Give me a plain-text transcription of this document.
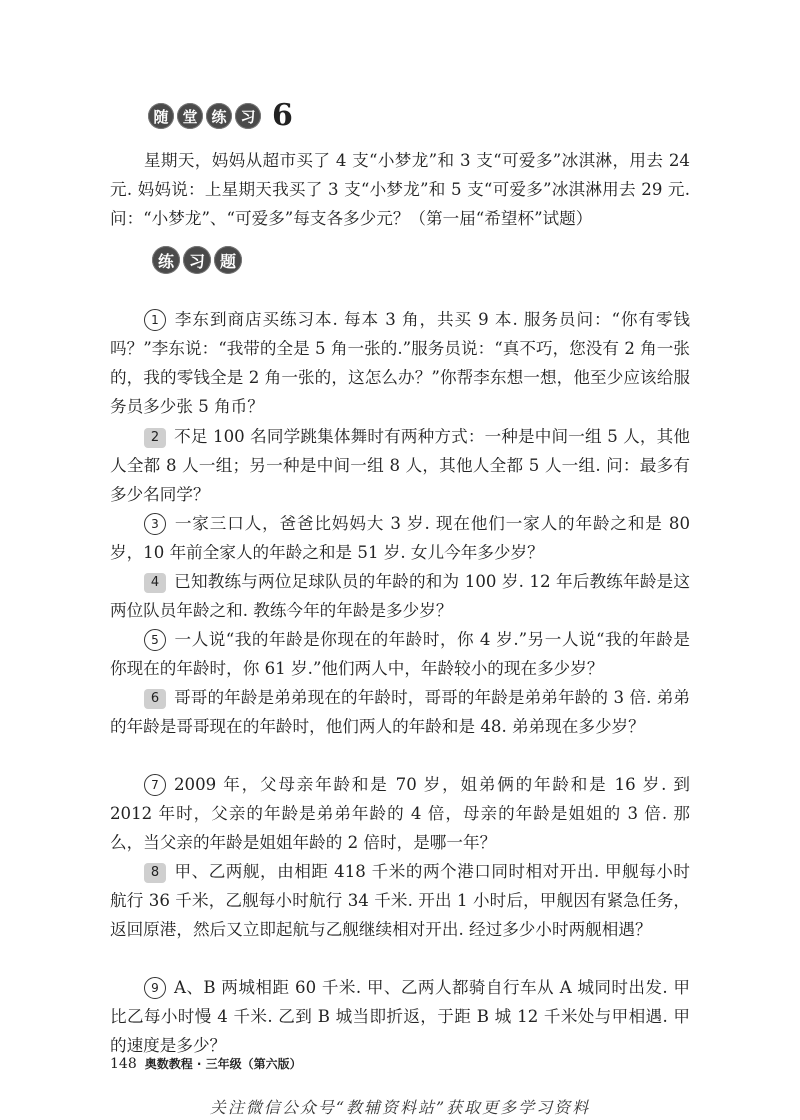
随 堂 练 习 6

星期天，妈妈从超市买了 4 支“小梦龙”和 3 支“可爱多”冰淇淋，用去 24 元. 妈妈说：上星期天我买了 3 支“小梦龙”和 5 支“可爱多”冰淇淋用去 29 元. 问：“小梦龙”、“可爱多”每支各多少元？（第一届“希望杯”试题）

练 习 题

1 李东到商店买练习本. 每本 3 角，共买 9 本. 服务员问：“你有零钱吗？”李东说：“我带的全是 5 角一张的.”服务员说：“真不巧，您没有 2 角一张的，我的零钱全是 2 角一张的，这怎么办？”你帮李东想一想，他至少应该给服务员多少张 5 角币？

2 不足 100 名同学跳集体舞时有两种方式：一种是中间一组 5 人，其他人全都 8 人一组；另一种是中间一组 8 人，其他人全都 5 人一组. 问：最多有多少名同学？

3 一家三口人，爸爸比妈妈大 3 岁. 现在他们一家人的年龄之和是 80 岁，10 年前全家人的年龄之和是 51 岁. 女儿今年多少岁？

4 已知教练与两位足球队员的年龄的和为 100 岁. 12 年后教练年龄是这两位队员年龄之和. 教练今年的年龄是多少岁？

5 一人说“我的年龄是你现在的年龄时，你 4 岁.”另一人说“我的年龄是你现在的年龄时，你 61 岁.”他们两人中，年龄较小的现在多少岁？

6 哥哥的年龄是弟弟现在的年龄时，哥哥的年龄是弟弟年龄的 3 倍. 弟弟的年龄是哥哥现在的年龄时，他们两人的年龄和是 48. 弟弟现在多少岁？

7 2009 年，父母亲年龄和是 70 岁，姐弟俩的年龄和是 16 岁. 到 2012 年时，父亲的年龄是弟弟年龄的 4 倍，母亲的年龄是姐姐的 3 倍. 那么，当父亲的年龄是姐姐年龄的 2 倍时，是哪一年？

8 甲、乙两舰，由相距 418 千米的两个港口同时相对开出. 甲舰每小时航行 36 千米，乙舰每小时航行 34 千米. 开出 1 小时后，甲舰因有紧急任务，返回原港，然后又立即起航与乙舰继续相对开出. 经过多少小时两舰相遇？

9 A、B 两城相距 60 千米. 甲、乙两人都骑自行车从 A 城同时出发. 甲比乙每小时慢 4 千米. 乙到 B 城当即折返，于距 B 城 12 千米处与甲相遇. 甲的速度是多少？

148 奥数教程 · 三年级（第六版）
关注微信公众号“教辅资料站”获取更多学习资料
